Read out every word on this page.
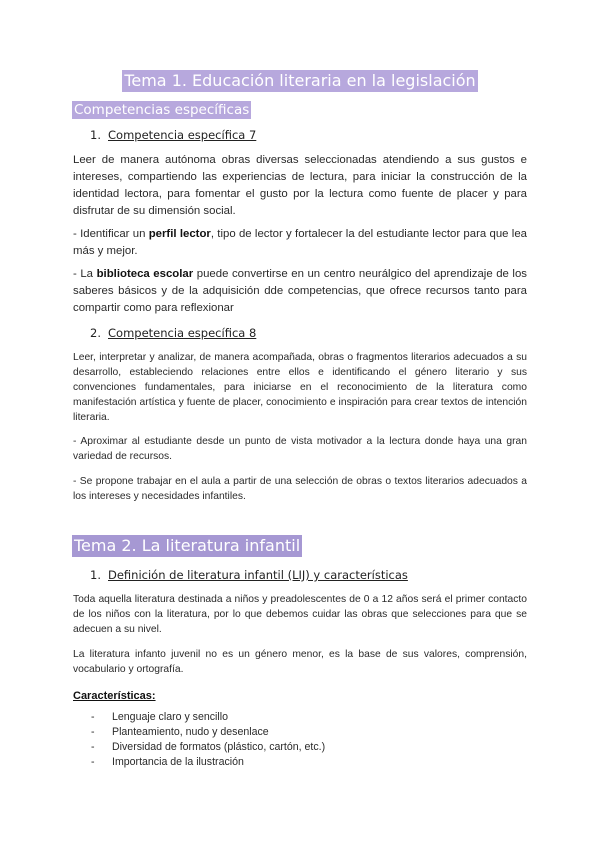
Tema 1. Educación literaria en la legislación
Competencias específicas
1. Competencia específica 7

Leer de manera autónoma obras diversas seleccionadas atendiendo a sus gustos e intereses, compartiendo las experiencias de lectura, para iniciar la construcción de la identidad lectora, para fomentar el gusto por la lectura como fuente de placer y para disfrutar de su dimensión social.

- Identificar un perfil lector, tipo de lector y fortalecer la del estudiante lector para que lea más y mejor.

- La biblioteca escolar puede convertirse en un centro neurálgico del aprendizaje de los saberes básicos y de la adquisición dde competencias, que ofrece recursos tanto para compartir como para reflexionar

2. Competencia específica 8

Leer, interpretar y analizar, de manera acompañada, obras o fragmentos literarios adecuados a su desarrollo, estableciendo relaciones entre ellos e identificando el género literario y sus convenciones fundamentales, para iniciarse en el reconocimiento de la literatura como manifestación artística y fuente de placer, conocimiento e inspiración para crear textos de intención literaria.

- Aproximar al estudiante desde un punto de vista motivador a la lectura donde haya una gran variedad de recursos.

- Se propone trabajar en el aula a partir de una selección de obras o textos literarios adecuados a los intereses y necesidades infantiles.

Tema 2. La literatura infantil
1. Definición de literatura infantil (LIJ) y características

Toda aquella literatura destinada a niños y preadolescentes de 0 a 12 años será el primer contacto de los niños con la literatura, por lo que debemos cuidar las obras que selecciones para que se adecuen a su nivel.

La literatura infanto juvenil no es un género menor, es la base de sus valores, comprensión, vocabulario y ortografía.

Características:
- Lenguaje claro y sencillo
- Planteamiento, nudo y desenlace
- Diversidad de formatos (plástico, cartón, etc.)
- Importancia de la ilustración
